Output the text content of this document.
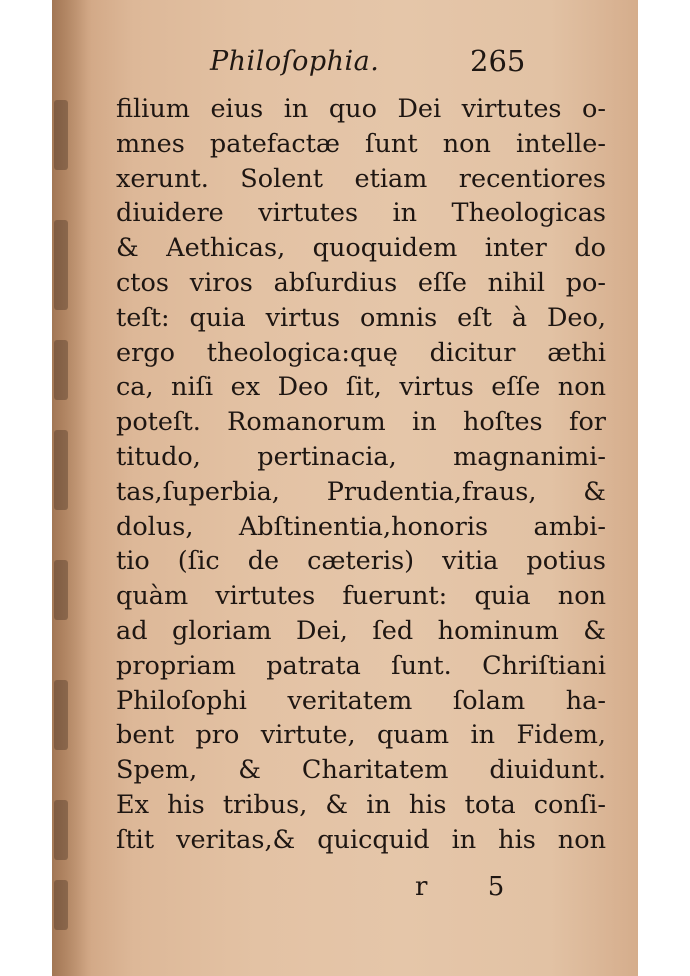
Philoſophia.	265
filium eius in quo Dei virtutes o-
mnes patefactæ ſunt non intelle-
xerunt. Solent etiam recentiores
diuidere virtutes in Theologicas
& Aethicas, quoquidem inter do
ctos viros abſurdius eſſe nihil po-
teſt: quia virtus omnis eſt à Deo,
ergo theologica:quę dicitur æthi
ca, niſi ex Deo ſit, virtus eſſe non
poteſt. Romanorum in hoſtes for
titudo, pertinacia, magnanimi-
tas,ſuperbia, Prudentia,fraus, &
dolus, Abſtinentia,honoris ambi-
tio (ſic de cæteris) vitia potius
quàm virtutes fuerunt: quia non
ad gloriam Dei, ſed hominum &
propriam patrata ſunt. Chriſtiani
Philoſophi veritatem ſolam ha-
bent pro virtute, quam in Fidem,
Spem, & Charitatem diuidunt.
Ex his tribus, & in his tota conſi-
ſtit veritas,& quicquid in his non
r 5
